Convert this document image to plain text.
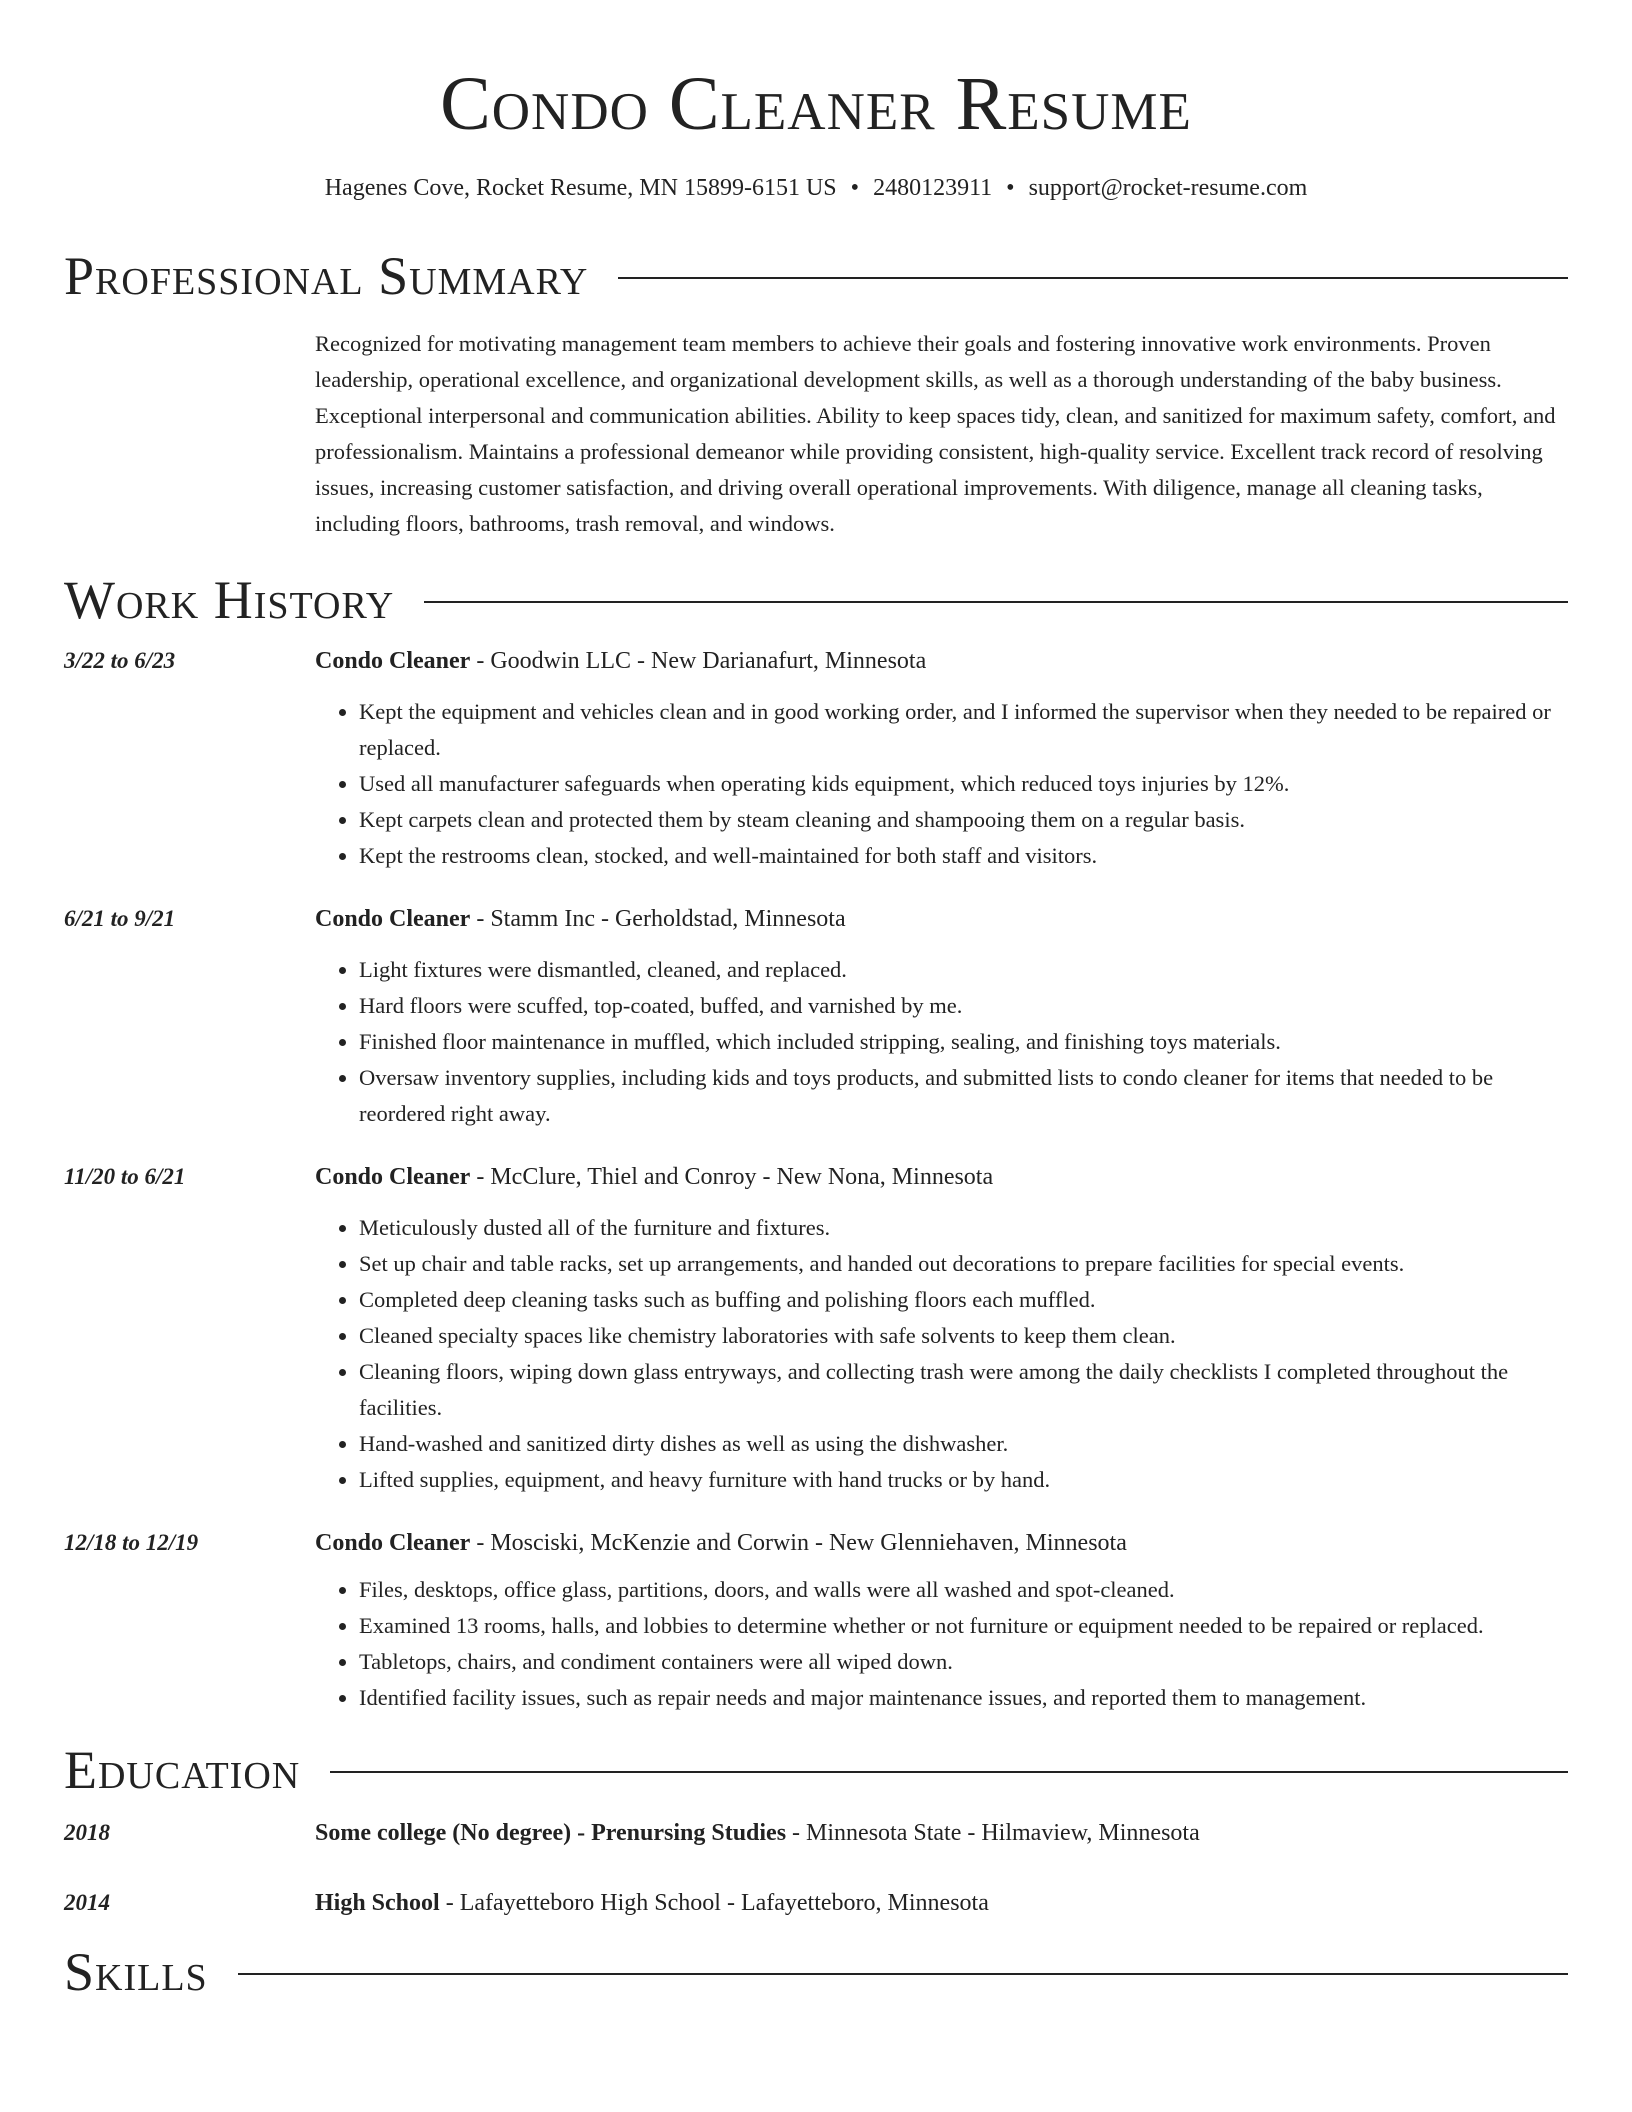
Condo Cleaner Resume
Hagenes Cove, Rocket Resume, MN 15899-6151 US • 2480123911 • support@rocket-resume.com
Professional Summary
Recognized for motivating management team members to achieve their goals and fostering innovative work environments. Proven leadership, operational excellence, and organizational development skills, as well as a thorough understanding of the baby business. Exceptional interpersonal and communication abilities. Ability to keep spaces tidy, clean, and sanitized for maximum safety, comfort, and professionalism. Maintains a professional demeanor while providing consistent, high-quality service. Excellent track record of resolving issues, increasing customer satisfaction, and driving overall operational improvements. With diligence, manage all cleaning tasks, including floors, bathrooms, trash removal, and windows.
Work History
3/22 to 6/23	Condo Cleaner - Goodwin LLC - New Darianafurt, Minnesota
• Kept the equipment and vehicles clean and in good working order, and I informed the supervisor when they needed to be repaired or replaced.
• Used all manufacturer safeguards when operating kids equipment, which reduced toys injuries by 12%.
• Kept carpets clean and protected them by steam cleaning and shampooing them on a regular basis.
• Kept the restrooms clean, stocked, and well-maintained for both staff and visitors.
6/21 to 9/21	Condo Cleaner - Stamm Inc - Gerholdstad, Minnesota
• Light fixtures were dismantled, cleaned, and replaced.
• Hard floors were scuffed, top-coated, buffed, and varnished by me.
• Finished floor maintenance in muffled, which included stripping, sealing, and finishing toys materials.
• Oversaw inventory supplies, including kids and toys products, and submitted lists to condo cleaner for items that needed to be reordered right away.
11/20 to 6/21	Condo Cleaner - McClure, Thiel and Conroy - New Nona, Minnesota
• Meticulously dusted all of the furniture and fixtures.
• Set up chair and table racks, set up arrangements, and handed out decorations to prepare facilities for special events.
• Completed deep cleaning tasks such as buffing and polishing floors each muffled.
• Cleaned specialty spaces like chemistry laboratories with safe solvents to keep them clean.
• Cleaning floors, wiping down glass entryways, and collecting trash were among the daily checklists I completed throughout the facilities.
• Hand-washed and sanitized dirty dishes as well as using the dishwasher.
• Lifted supplies, equipment, and heavy furniture with hand trucks or by hand.
12/18 to 12/19	Condo Cleaner - Mosciski, McKenzie and Corwin - New Glenniehaven, Minnesota
• Files, desktops, office glass, partitions, doors, and walls were all washed and spot-cleaned.
• Examined 13 rooms, halls, and lobbies to determine whether or not furniture or equipment needed to be repaired or replaced.
• Tabletops, chairs, and condiment containers were all wiped down.
• Identified facility issues, such as repair needs and major maintenance issues, and reported them to management.
Education
2018	Some college (No degree) - Prenursing Studies - Minnesota State - Hilmaview, Minnesota
2014	High School - Lafayetteboro High School - Lafayetteboro, Minnesota
Skills
